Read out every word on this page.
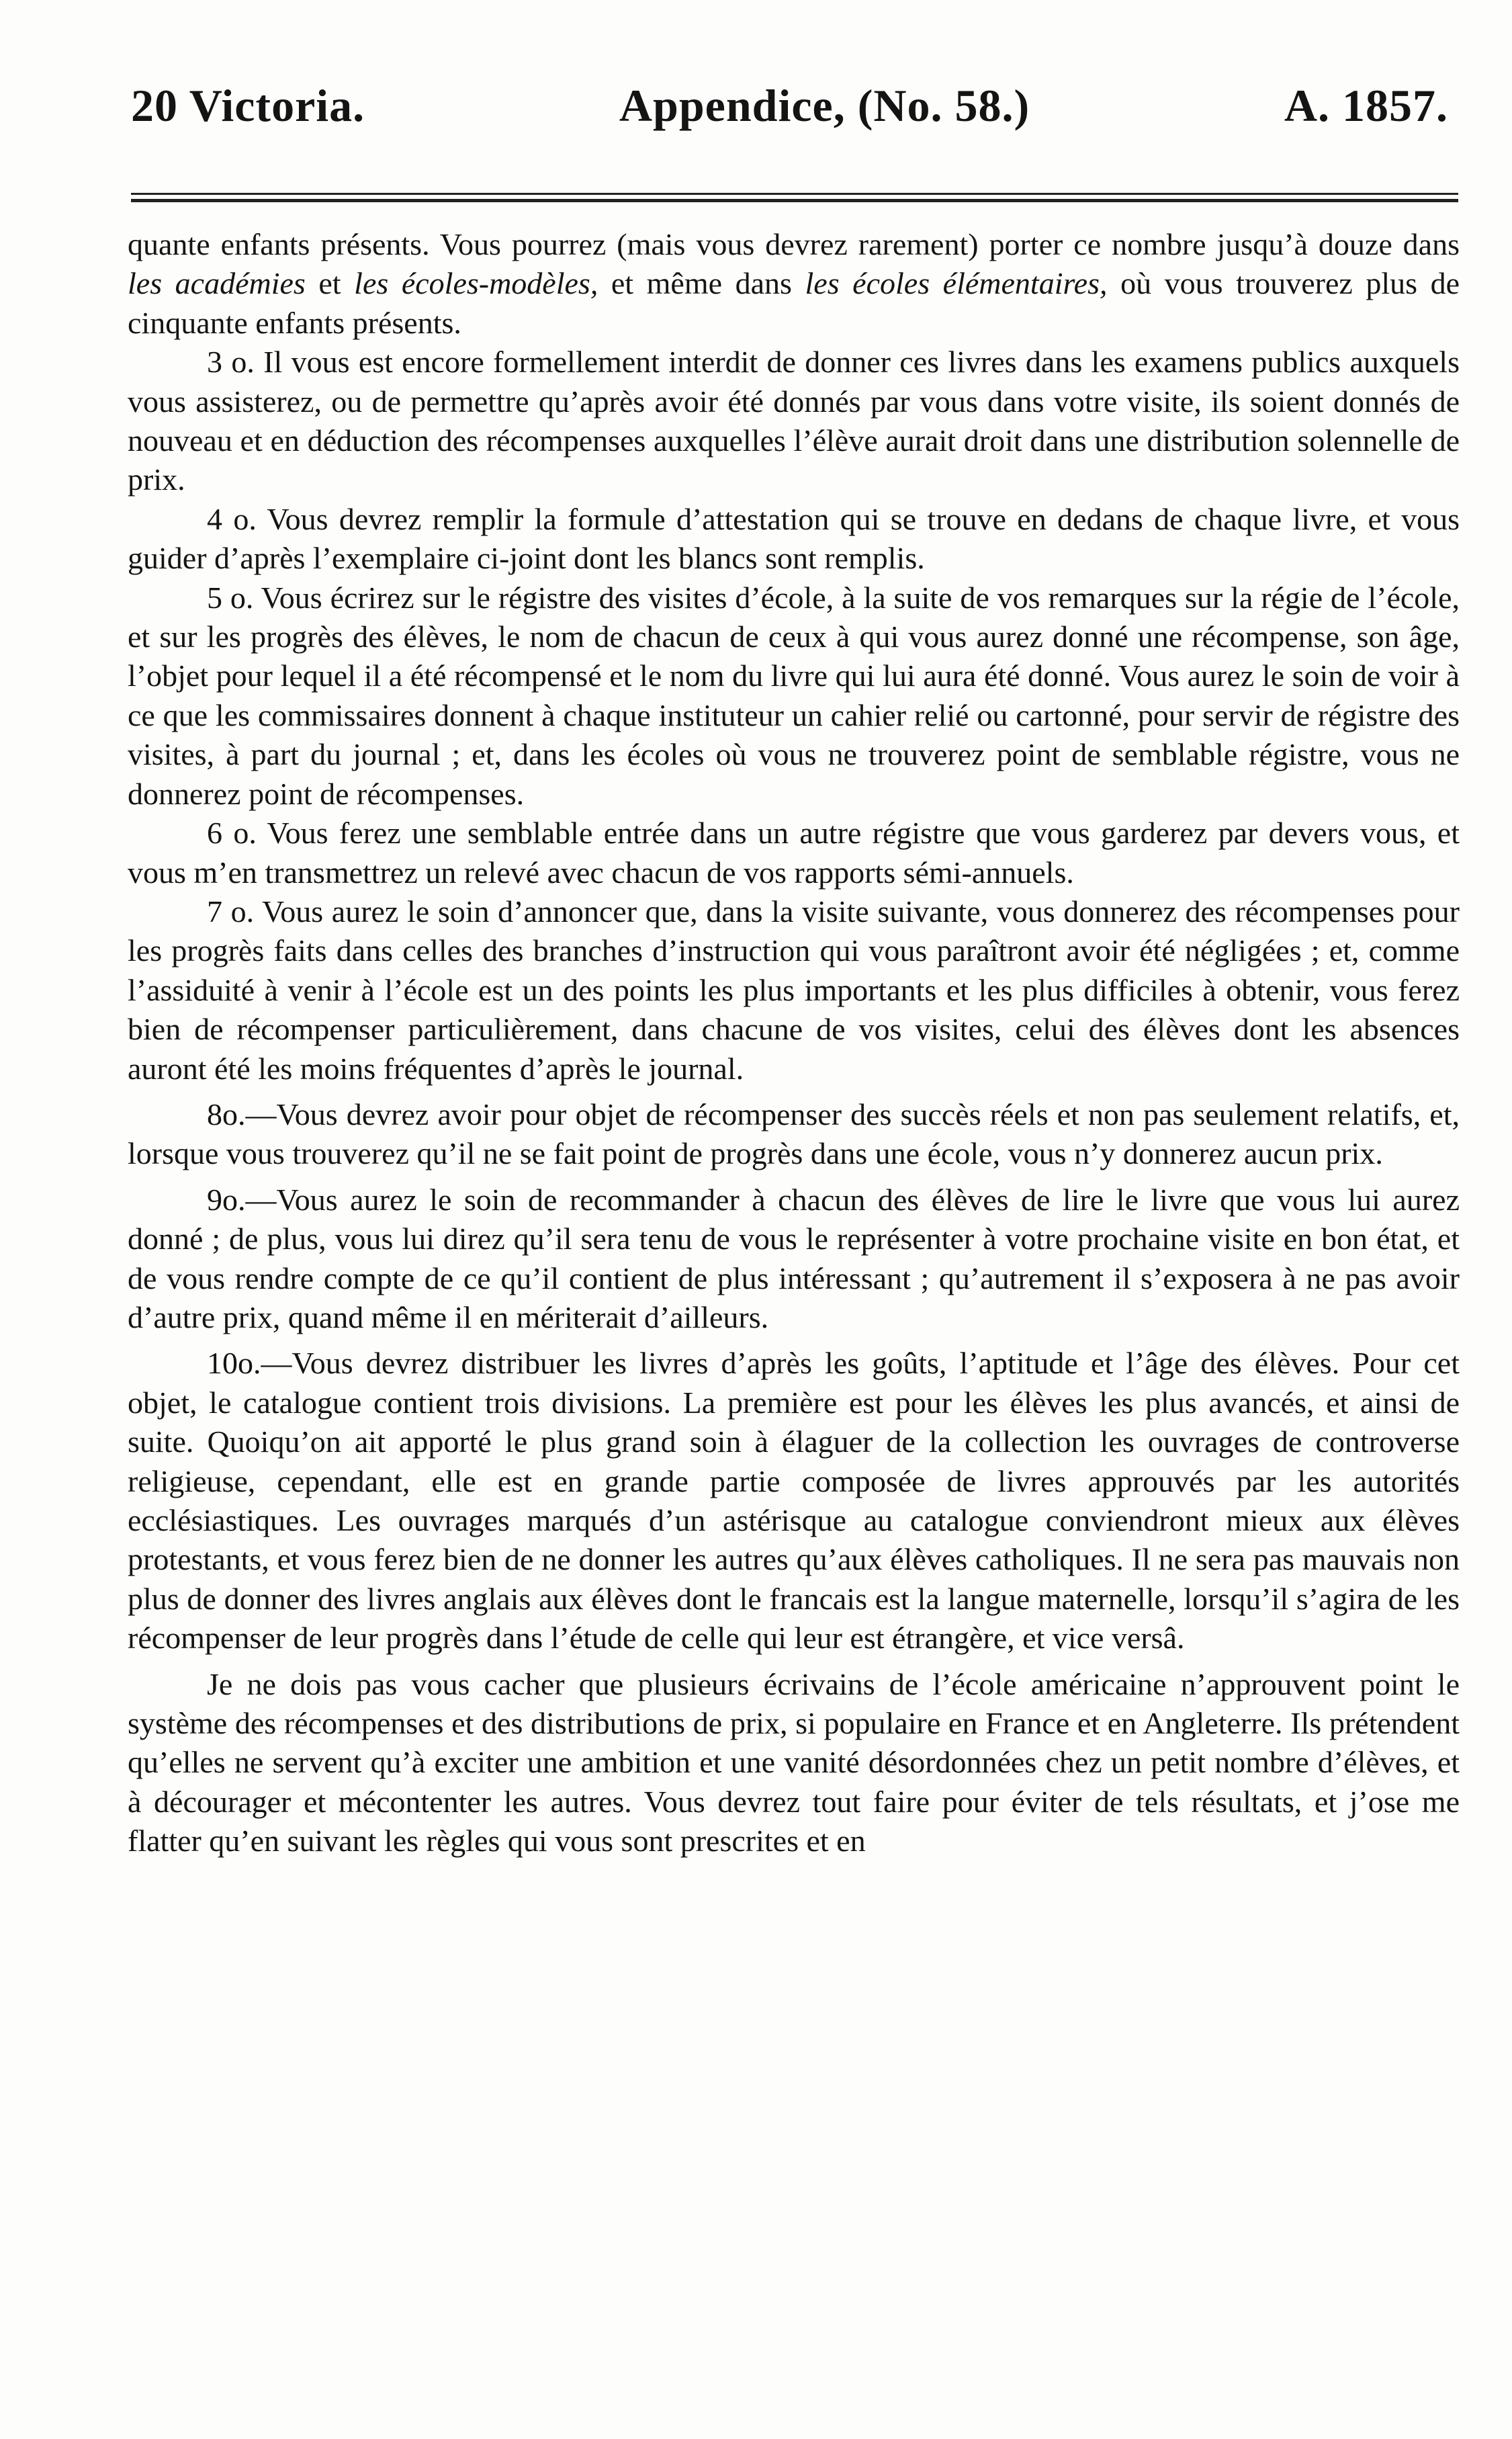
20 Victoria.	Appendice, (No. 58.)	A. 1857.

quante enfants présents. Vous pourrez (mais vous devrez rarement) porter ce nombre jusqu’à douze dans les académies et les écoles-modèles, et même dans les écoles élémentaires, où vous trouverez plus de cinquante enfants présents.

3 o. Il vous est encore formellement interdit de donner ces livres dans les examens publics auxquels vous assisterez, ou de permettre qu’après avoir été donnés par vous dans votre visite, ils soient donnés de nouveau et en déduction des récompenses auxquelles l’élève aurait droit dans une distribution solennelle de prix.

4 o. Vous devrez remplir la formule d’attestation qui se trouve en dedans de chaque livre, et vous guider d’après l’exemplaire ci-joint dont les blancs sont remplis.

5 o. Vous écrirez sur le régistre des visites d’école, à la suite de vos remarques sur la régie de l’école, et sur les progrès des élèves, le nom de chacun de ceux à qui vous aurez donné une récompense, son âge, l’objet pour lequel il a été récompensé et le nom du livre qui lui aura été donné. Vous aurez le soin de voir à ce que les commissaires donnent à chaque instituteur un cahier relié ou cartonné, pour servir de régistre des visites, à part du journal ; et, dans les écoles où vous ne trouverez point de semblable régistre, vous ne donnerez point de récompenses.

6 o. Vous ferez une semblable entrée dans un autre régistre que vous garderez par devers vous, et vous m’en transmettrez un relevé avec chacun de vos rapports sémi-annuels.

7 o. Vous aurez le soin d’annoncer que, dans la visite suivante, vous donnerez des récompenses pour les progrès faits dans celles des branches d’instruction qui vous paraîtront avoir été négligées ; et, comme l’assiduité à venir à l’école est un des points les plus importants et les plus difficiles à obtenir, vous ferez bien de récompenser particulièrement, dans chacune de vos visites, celui des élèves dont les absences auront été les moins fréquentes d’après le journal.

8o.—Vous devrez avoir pour objet de récompenser des succès réels et non pas seulement relatifs, et, lorsque vous trouverez qu’il ne se fait point de progrès dans une école, vous n’y donnerez aucun prix.

9o.—Vous aurez le soin de recommander à chacun des élèves de lire le livre que vous lui aurez donné ; de plus, vous lui direz qu’il sera tenu de vous le représenter à votre prochaine visite en bon état, et de vous rendre compte de ce qu’il contient de plus intéressant ; qu’autrement il s’exposera à ne pas avoir d’autre prix, quand même il en mériterait d’ailleurs.

10o.—Vous devrez distribuer les livres d’après les goûts, l’aptitude et l’âge des élèves. Pour cet objet, le catalogue contient trois divisions. La première est pour les élèves les plus avancés, et ainsi de suite. Quoiqu’on ait apporté le plus grand soin à élaguer de la collection les ouvrages de controverse religieuse, cependant, elle est en grande partie composée de livres approuvés par les autorités ecclésiastiques. Les ouvrages marqués d’un astérisque au catalogue conviendront mieux aux élèves protestants, et vous ferez bien de ne donner les autres qu’aux élèves catholiques. Il ne sera pas mauvais non plus de donner des livres anglais aux élèves dont le francais est la langue maternelle, lorsqu’il s’agira de les récompenser de leur progrès dans l’étude de celle qui leur est étrangère, et vice versâ.

Je ne dois pas vous cacher que plusieurs écrivains de l’école américaine n’approuvent point le système des récompenses et des distributions de prix, si populaire en France et en Angleterre. Ils prétendent qu’elles ne servent qu’à exciter une ambition et une vanité désordonnées chez un petit nombre d’élèves, et à décourager et mécontenter les autres. Vous devrez tout faire pour éviter de tels résultats, et j’ose me flatter qu’en suivant les règles qui vous sont prescrites et en
